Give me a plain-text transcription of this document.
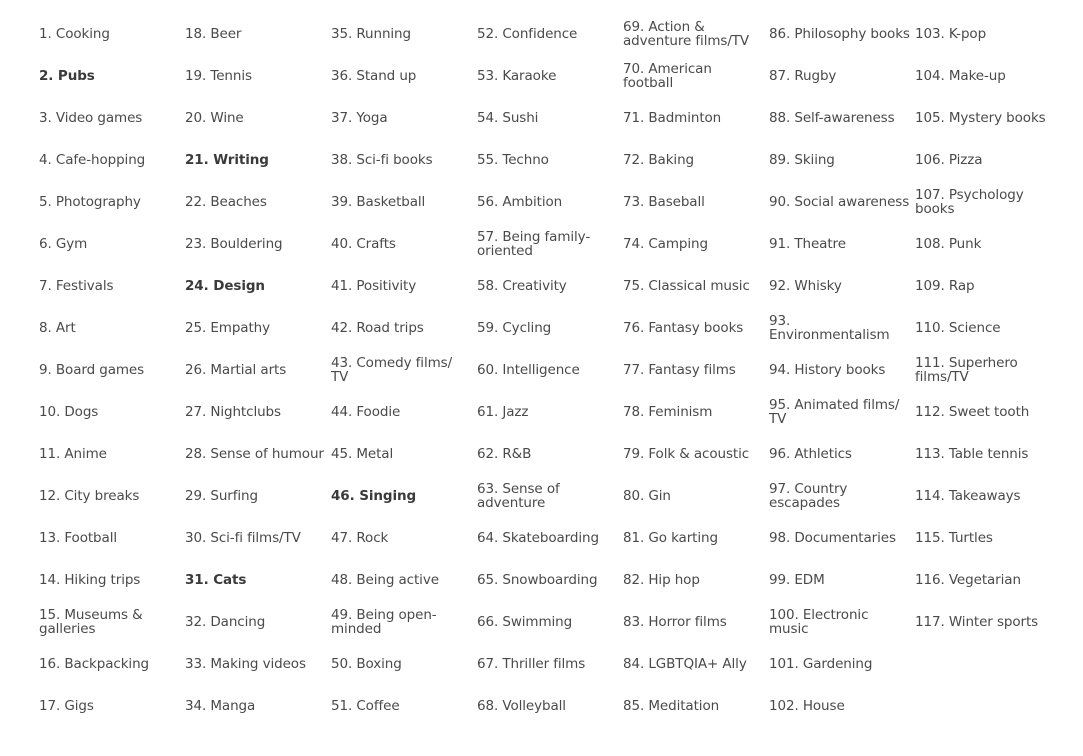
1. Cooking
2. Pubs
3. Video games
4. Cafe-hopping
5. Photography
6. Gym
7. Festivals
8. Art
9. Board games
10. Dogs
11. Anime
12. City breaks
13. Football
14. Hiking trips
15. Museums & galleries
16. Backpacking
17. Gigs
18. Beer
19. Tennis
20. Wine
21. Writing
22. Beaches
23. Bouldering
24. Design
25. Empathy
26. Martial arts
27. Nightclubs
28. Sense of humour
29. Surfing
30. Sci-fi films/TV
31. Cats
32. Dancing
33. Making videos
34. Manga
35. Running
36. Stand up
37. Yoga
38. Sci-fi books
39. Basketball
40. Crafts
41. Positivity
42. Road trips
43. Comedy films/ TV
44. Foodie
45. Metal
46. Singing
47. Rock
48. Being active
49. Being open-minded
50. Boxing
51. Coffee
52. Confidence
53. Karaoke
54. Sushi
55. Techno
56. Ambition
57. Being family-oriented
58. Creativity
59. Cycling
60. Intelligence
61. Jazz
62. R&B
63. Sense of adventure
64. Skateboarding
65. Snowboarding
66. Swimming
67. Thriller films
68. Volleyball
69. Action & adventure films/TV
70. American football
71. Badminton
72. Baking
73. Baseball
74. Camping
75. Classical music
76. Fantasy books
77. Fantasy films
78. Feminism
79. Folk & acoustic
80. Gin
81. Go karting
82. Hip hop
83. Horror films
84. LGBTQIA+ Ally
85. Meditation
86. Philosophy books
87. Rugby
88. Self-awareness
89. Skiing
90. Social awareness
91. Theatre
92. Whisky
93. Environmentalism
94. History books
95. Animated films/ TV
96. Athletics
97. Country escapades
98. Documentaries
99. EDM
100. Electronic music
101. Gardening
102. House
103. K-pop
104. Make-up
105. Mystery books
106. Pizza
107. Psychology books
108. Punk
109. Rap
110. Science
111. Superhero films/TV
112. Sweet tooth
113. Table tennis
114. Takeaways
115. Turtles
116. Vegetarian
117. Winter sports
